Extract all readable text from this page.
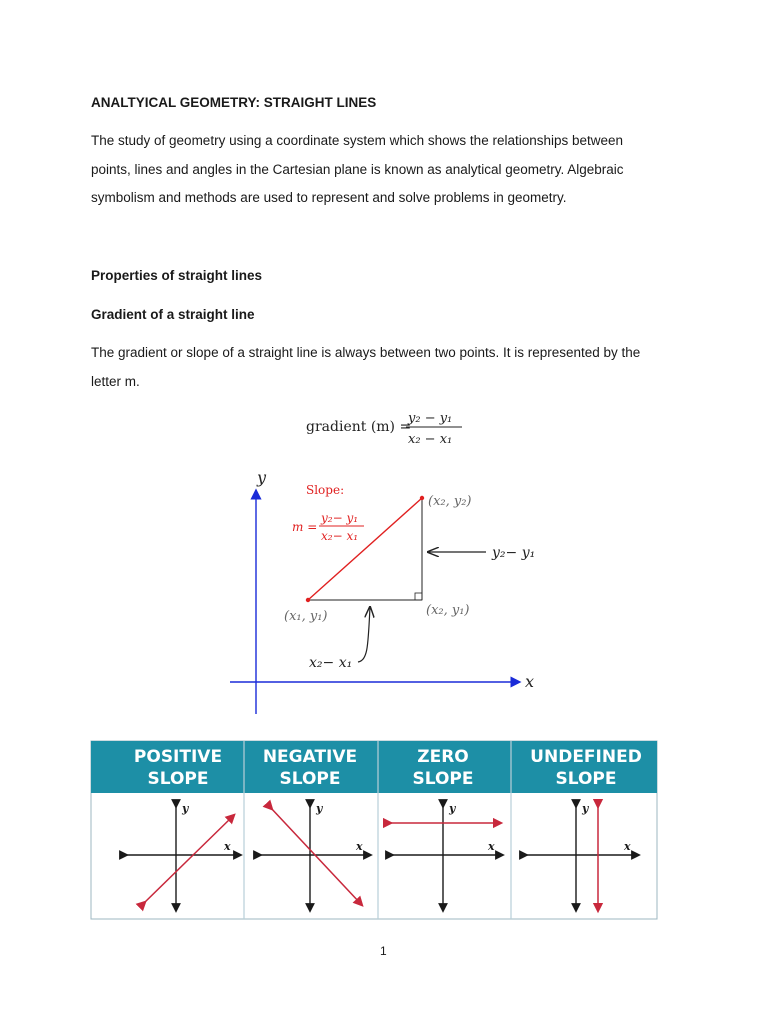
ANALTYICAL GEOMETRY: STRAIGHT LINES
The study of geometry using a coordinate system which shows the relationships between
points, lines and angles in the Cartesian plane is known as analytical geometry. Algebraic
symbolism and methods are used to represent and solve problems in geometry.
Properties of straight lines
Gradient of a straight line
The gradient or slope of a straight line is always between two points. It is represented by the
letter m.
gradient (m) =
y₂ − y₁
x₂ − x₁
y
x
Slope:
m =
y₂− y₁
x₂− x₁
(x₂, y₂)
(x₁, y₁)	(x₂, y₁)
y₂− y₁
x₂− x₁
POSITIVE
SLOPE
NEGATIVE
SLOPE
ZERO
SLOPE
UNDEFINED
SLOPE
y
x
y
x
y
x
y
x
1
